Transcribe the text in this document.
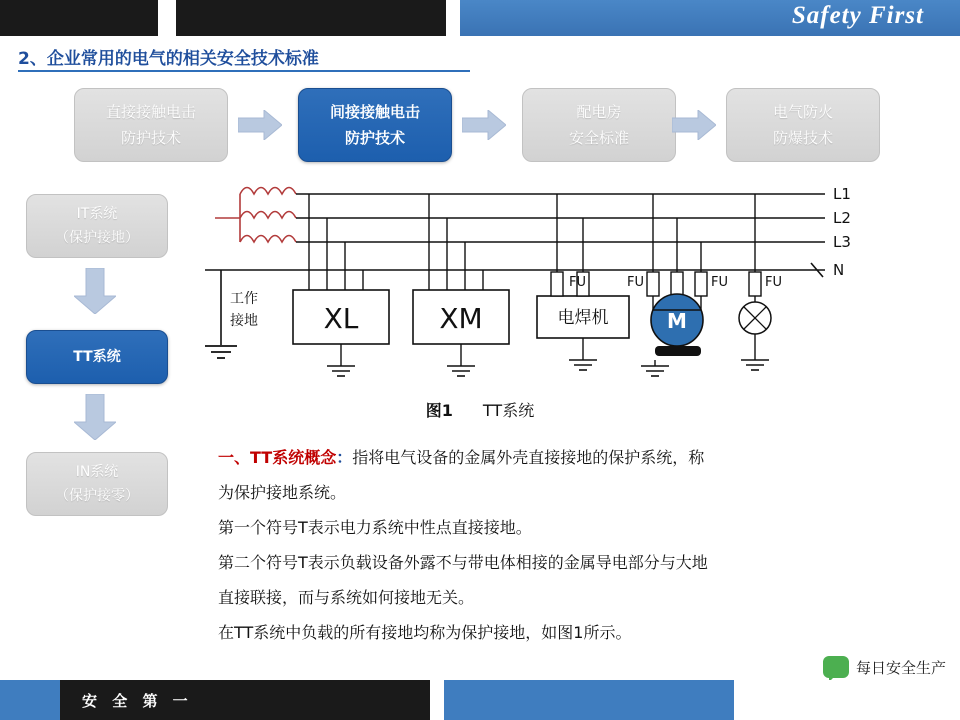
Safety First
2、企业常用的电气的相关安全技术标准
直接接触电击
防护技术
间接接触电击
防护技术
配电房
安全标准
电气防火
防爆技术
IT系统
（保护接地）
TT系统
IN系统
（保护接零）
L1
L2
L3
N
工作
接地 XL	XM	电焊机
FU	FU	FU
M
FU
图1 TT系统
一、TT系统概念：指将电气设备的金属外壳直接接地的保护系统，称
为保护接地系统。
第一个符号T表示电力系统中性点直接接地。
第二个符号T表示负载设备外露不与带电体相接的金属导电部分与大地
直接联接，而与系统如何接地无关。
在TT系统中负载的所有接地均称为保护接地，如图1所示。
每日安全生产
安 全 第 一
